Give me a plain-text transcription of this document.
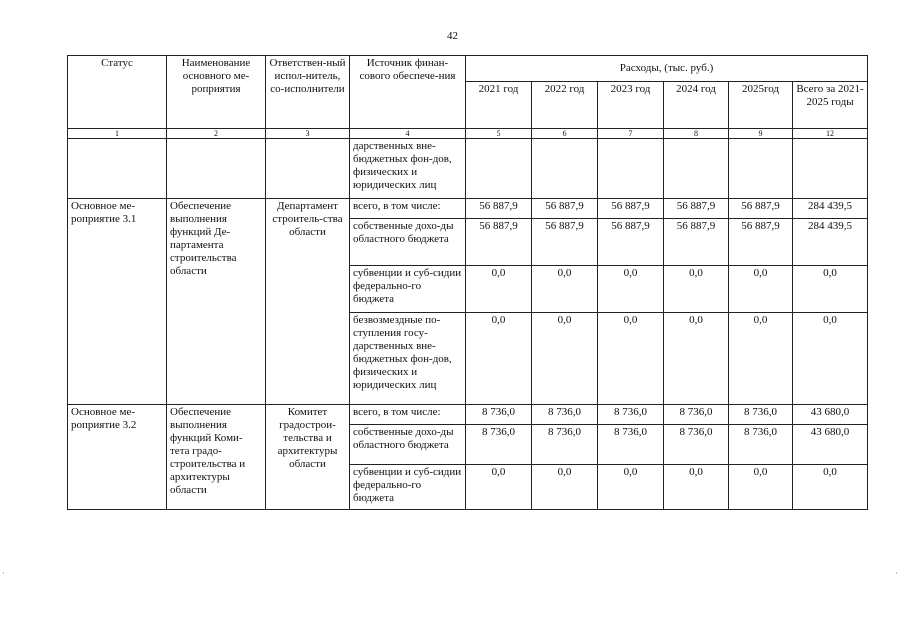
42
Статус	Наименование основного ме-роприятия	Ответствен-ный испол-нитель, со-исполнители	Источник финан-сового обеспече-ния	Расходы, (тыс. руб.)					
				2021 год	2022 год	2023 год	2024 год	2025год	Всего за 2021-2025 годы
1	2	3	4	5	6	7	8	9	12
			дарственных вне-бюджетных фон-дов, физических и юридических лиц						
Основное ме-роприятие 3.1	Обеспечение выполнения функций Де-партамента строительства области	Департамент строитель-ства области	всего, в том числе:	56 887,9	56 887,9	56 887,9	56 887,9	56 887,9	284 439,5
			собственные дохо-ды областного бюджета	56 887,9	56 887,9	56 887,9	56 887,9	56 887,9	284 439,5
			субвенции и суб-сидии федерально-го бюджета	0,0	0,0	0,0	0,0	0,0	0,0
			безвозмездные по-ступления госу-дарственных вне-бюджетных фон-дов, физических и юридических лиц	0,0	0,0	0,0	0,0	0,0	0,0
Основное ме-роприятие 3.2	Обеспечение выполнения функций Коми-тета градо-строительства и архитектуры области	Комитет градострои-тельства и архитектуры области	всего, в том числе:	8 736,0	8 736,0	8 736,0	8 736,0	8 736,0	43 680,0
			собственные дохо-ды областного бюджета	8 736,0	8 736,0	8 736,0	8 736,0	8 736,0	43 680,0
			субвенции и суб-сидии федерально-го бюджета	0,0	0,0	0,0	0,0	0,0	0,0
·	·
